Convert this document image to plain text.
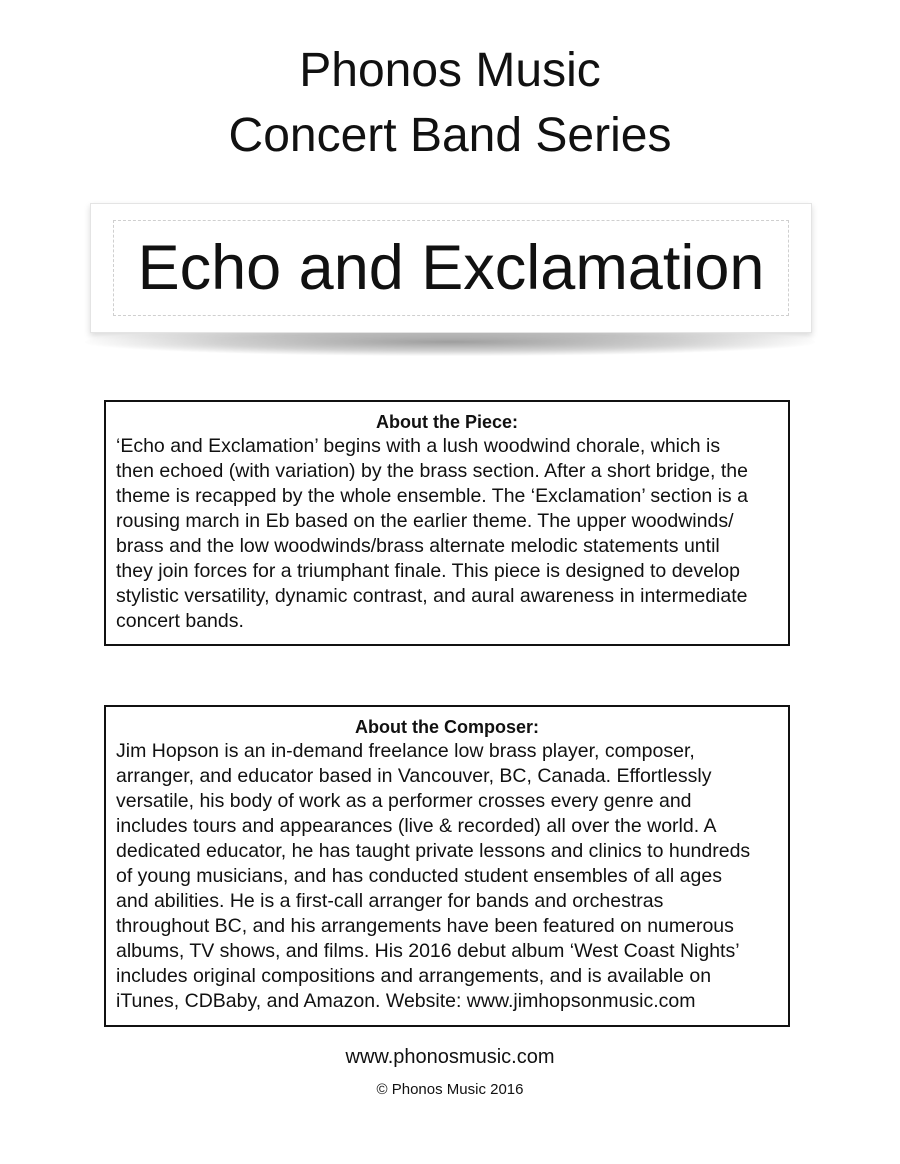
Phonos Music
Concert Band Series
Echo and Exclamation
About the Piece:
‘Echo and Exclamation’ begins with a lush woodwind chorale, which is
then echoed (with variation) by the brass section. After a short bridge, the
theme is recapped by the whole ensemble. The ‘Exclamation’ section is a
rousing march in Eb based on the earlier theme. The upper woodwinds/
brass and the low woodwinds/brass alternate melodic statements until
they join forces for a triumphant finale. This piece is designed to develop
stylistic versatility, dynamic contrast, and aural awareness in intermediate
concert bands.
About the Composer:
Jim Hopson is an in-demand freelance low brass player, composer,
arranger, and educator based in Vancouver, BC, Canada. Effortlessly
versatile, his body of work as a performer crosses every genre and
includes tours and appearances (live & recorded) all over the world. A
dedicated educator, he has taught private lessons and clinics to hundreds
of young musicians, and has conducted student ensembles of all ages
and abilities. He is a first-call arranger for bands and orchestras
throughout BC, and his arrangements have been featured on numerous
albums, TV shows, and films. His 2016 debut album ‘West Coast Nights’
includes original compositions and arrangements, and is available on
iTunes, CDBaby, and Amazon. Website: www.jimhopsonmusic.com
www.phonosmusic.com
© Phonos Music 2016
